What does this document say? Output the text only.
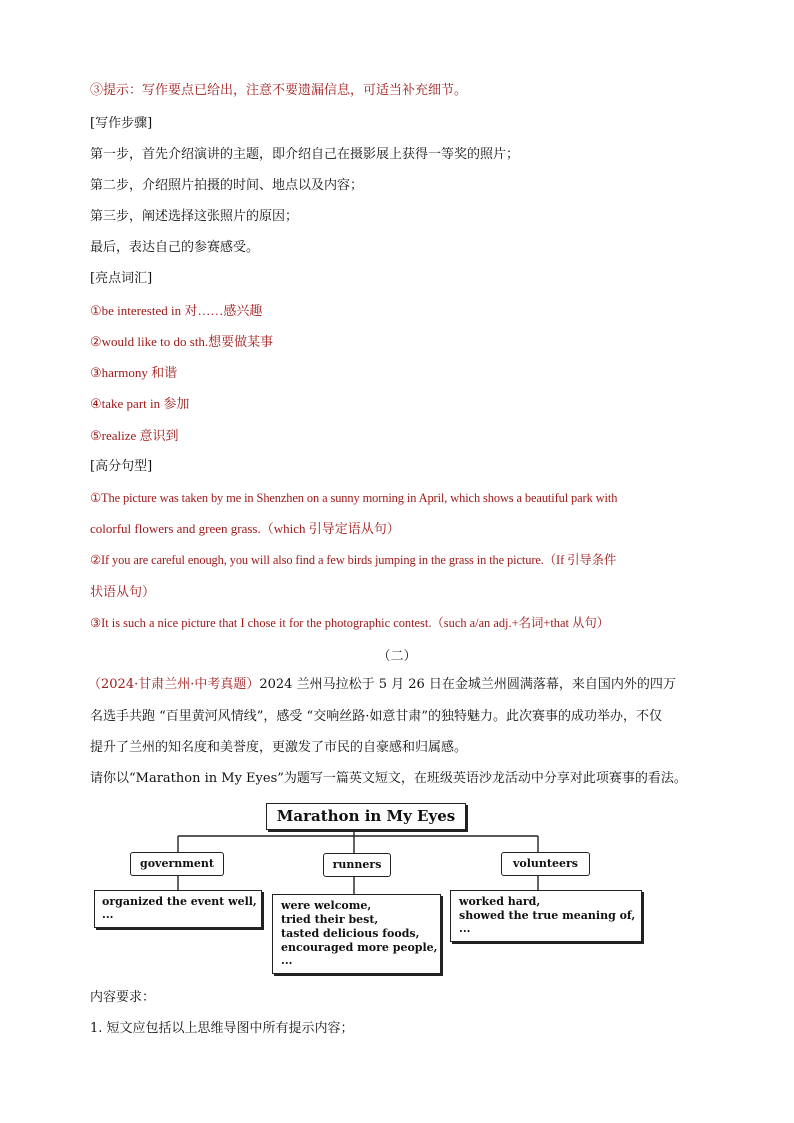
③提示：写作要点已给出，注意不要遗漏信息，可适当补充细节。
[写作步骤]
第一步，首先介绍演讲的主题，即介绍自己在摄影展上获得一等奖的照片；
第二步，介绍照片拍摄的时间、地点以及内容；
第三步，阐述选择这张照片的原因；
最后，表达自己的参赛感受。
[亮点词汇]
①be interested in 对……感兴趣
②would like to do sth.想要做某事
③harmony 和谐
④take part in 参加
⑤realize 意识到
[高分句型]
①The picture was taken by me in Shenzhen on a sunny morning in April, which shows a beautiful park with
colorful flowers and green grass.（which 引导定语从句）
②If you are careful enough, you will also find a few birds jumping in the grass in the picture.（If 引导条件
状语从句）
③It is such a nice picture that I chose it for the photographic contest.（such a/an adj.+名词+that 从句）
（二）
（2024·甘肃兰州·中考真题）2024 兰州马拉松于 5 月 26 日在金城兰州圆满落幕，来自国内外的四万
名选手共跑 “百里黄河风情线”，感受 “交响丝路·如意甘肃”的独特魅力。此次赛事的成功举办，不仅
提升了兰州的知名度和美誉度，更激发了市民的自豪感和归属感。
请你以“Marathon in My Eyes”为题写一篇英文短文，在班级英语沙龙活动中分享对此项赛事的看法。
Marathon in My Eyes
government	runners	volunteers
organized the event well,
...
were welcome,
tried their best,
tasted delicious foods,
encouraged more people,
...
worked hard,
showed the true meaning of,
...
内容要求：
1. 短文应包括以上思维导图中所有提示内容；
